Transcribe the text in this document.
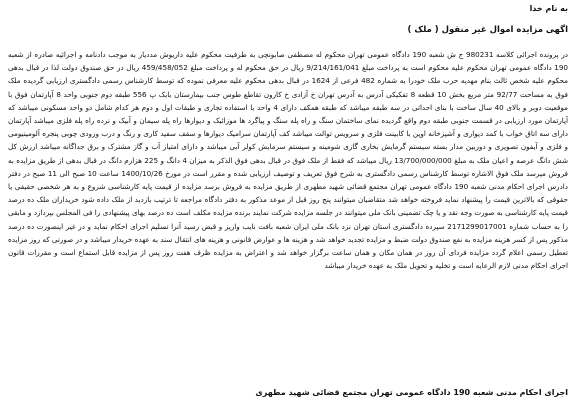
به نام خدا
اگهی مزایده اموال غیر منقول ( ملک )
در پرونده اجرائی کلاسه 980231 ج ش شعبه 190 دادگاه عمومی تهران محکوم له مصطفی صابونچی به طرفیت محکوم علیه داریوش مددیار به موجب دادنامه و اجرائیه صادره از شعبه 190 دادگاه عمومی تهران محکوم علیه محکوم است به پرداخت مبلغ 9/214/161/041 ریال در حق محکوم له و پرداخت مبلغ 459/458/052 ریال در حق صندوق دولت لذا در قبال بدهی محکوم علیه شخص ثالث بنام مهدیه حرب ملک خودرا به شماره 482 فرعی از 1624 در قبال بدهی محکوم علیه معرفی نموده که توسط کارشناس رسمی دادگستری ارزیابی گردیده ملک فوق به مساحت 92/77 متر مربع بخش 10 قطعه 8 تفکیکی آدرس به آدرس تهران خ آزادی خ کارون تقاطع طوس جنب بیمارستان بابک پ 556 طبقه دوم جنوبی واحد 8 آپارتمان فوق با موقعیت دوبر و بالای 40 سال ساخت با بنای احداثی در سه طبقه میباشد که طبقه همکف دارای 4 واحد با استفاده تجاری و طبقات اول و دوم هر کدام شامل دو واحد مسکونی میباشد که آپارتمان مورد ارزیابی در قسمت جنوبی طبقه دوم واقع گردیده نمای ساختمان سنگ و راه پله سنگ و پیاگرد ها موزائیک و دیوارها راه پله سیمان و آبیک و نرده راه پله فلزی میباشد آپارتمان دارای سه اتاق خواب با کمد دیواری و آشپزخانه اوپن با کابینت فلزی و سرویس توالت میباشد کف آپارتمان سرامیک دیوارها و سقف سفید کاری و رنگ و درب ورودی چوبی پنجره آلومینیومی و فلزی و آیفون تصویری و دوربین مدار بسته سیستم گرمایش بخاری گازی شومینه و سیستم سرمایش کولر آبی میباشد و دارای امتیاز آب و گاز مشترک و برق جداگانه میباشد ارزش کل شش دانگ عرصه و اعیان ملک به مبلغ 13/700/000/000 ریال میباشد که فقط از ملک فوق در قبال بدهی فوق الذکر به میزان 4 دانگ و 225 هزارم دانگ در قبال بدهی از طریق مزایده به فروش میرسد ملک فوق الاشاره توسط کارشناس رسمی دادگستری به شرح فوق تعریف و توصیف ارزیابی شده و مقرر است در مورخ 1400/10/26 ساعت 10 صبح الی 11 صبح در دفتر دادرس اجرای احکام مدنی شعبه 190 دادگاه عمومی تهران مجتمع قضائی شهید مطهری از طریق مزایده به فروش برسد مزایده از قیمت پایه کارشناسی شروع و به هر شخصی حقیقی یا حقوقی که بالاترین قیمت را پیشنهاد نماید فروخته خواهد شد متقاضیان میتوانند پنج روز قبل از موعد مذکور به دفتر دادگاه مراجعه تا ترتیب بازدید از ملک داده شود خریداران ملک ده درصد قیمت پایه کارشناسی به صورت وجه نقد و یا چک تضمینی بانک ملی میتوانند در جلسه مزایده شرکت نمایند برنده مزایده مکلف است ده درصد بهای پیشنهادی را فی المجلس بپردازد و مابقی را به حساب شماره 2171299017001 سپرده دادگستری استان تهران نزد بانک ملی ایران شعبه بافت نایب واریز و قبض رسید آنرا تسلیم اجرای احکام نماید و در غیر اینصورت ده درصد مذکور پس از کسر هزینه مزایده به نفع صندوق دولت ضبط و مزایده تجدید خواهد شد و هزینه ها و عوارض قانونی و هزینه های انتقال سند به عهده خریدار میباشد و در صورتی که روز مزایده تعطیل رسمی اعلام گردد مزایده فردای آن روز در همان مکان و همان ساعت برگزار خواهد شد و اعتراض به مزایده ظرف هفت روز پس از مزایده قابل استماع است و مقررات قانون اجرای احکام مدنی لازم الرعایه است و تخلیه و تحویل ملک به عهده خریدار میباشد
اجرای احکام مدنی شعبه 190 دادگاه عمومی تهران مجتمع قضائی شهید مطهری
